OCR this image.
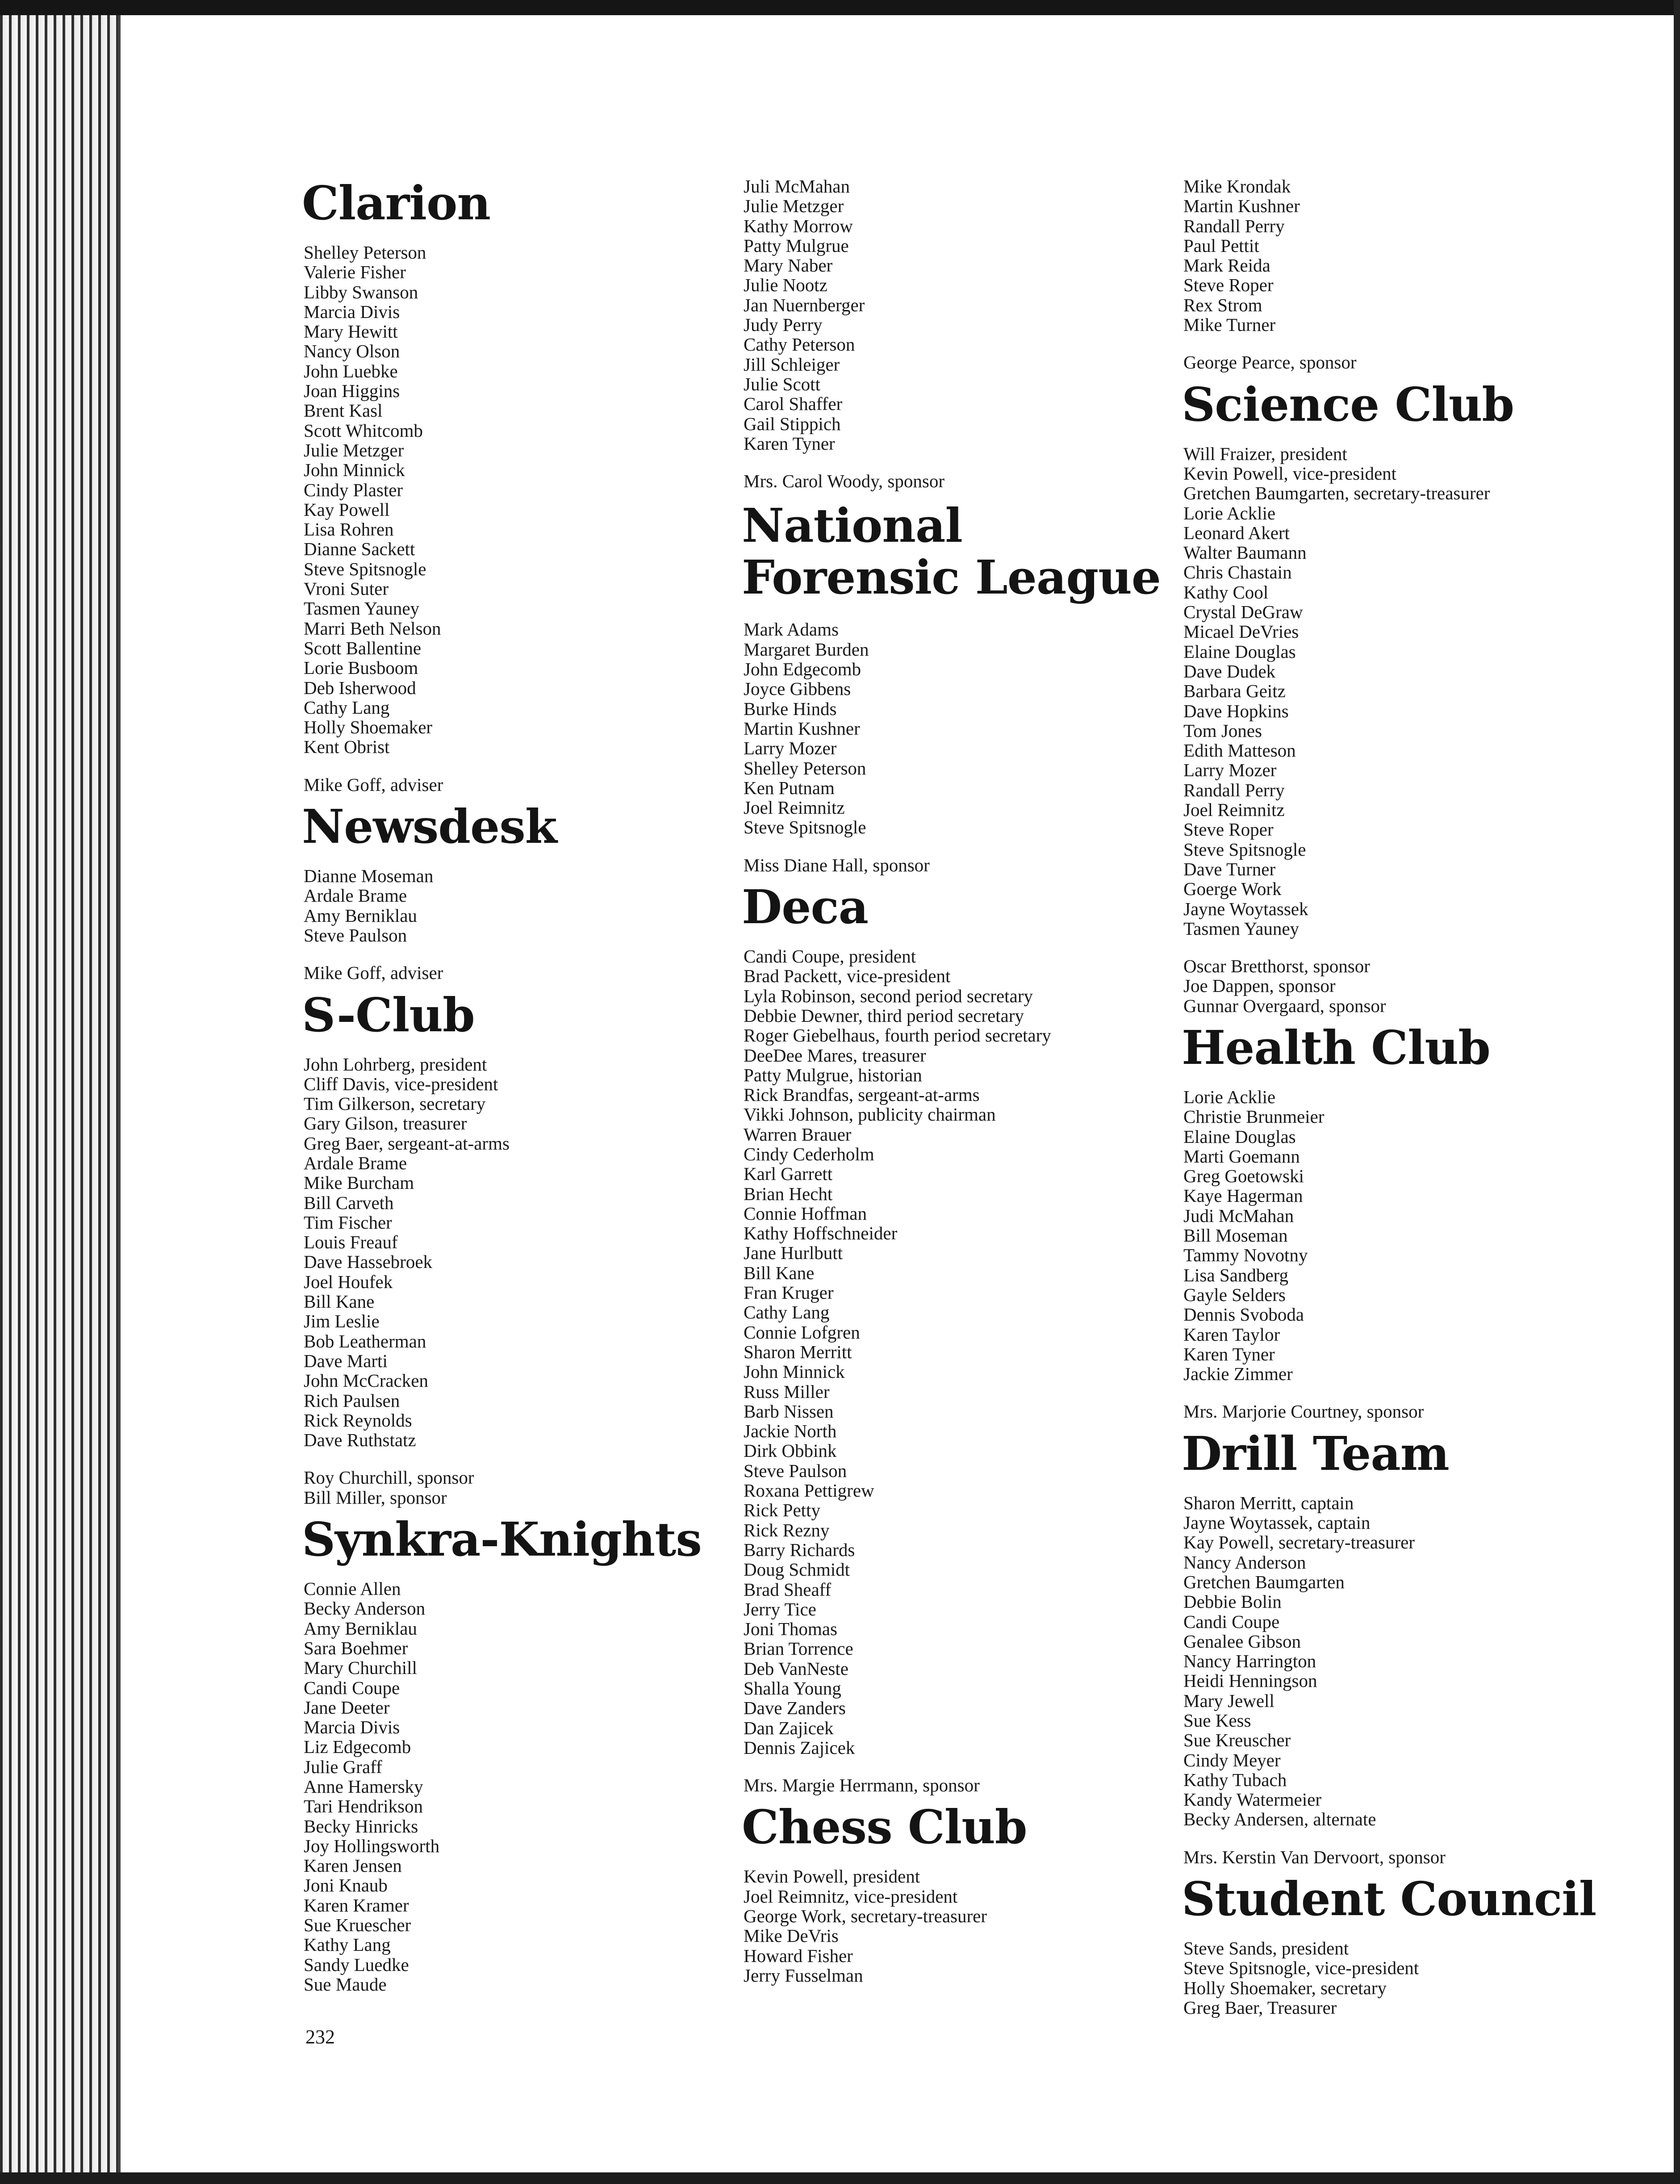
Clarion
Shelley Peterson
Valerie Fisher
Libby Swanson
Marcia Divis
Mary Hewitt
Nancy Olson
John Luebke
Joan Higgins
Brent Kasl
Scott Whitcomb
Julie Metzger
John Minnick
Cindy Plaster
Kay Powell
Lisa Rohren
Dianne Sackett
Steve Spitsnogle
Vroni Suter
Tasmen Yauney
Marri Beth Nelson
Scott Ballentine
Lorie Busboom
Deb Isherwood
Cathy Lang
Holly Shoemaker
Kent Obrist
Mike Goff, adviser
Newsdesk
Dianne Moseman
Ardale Brame
Amy Berniklau
Steve Paulson
Mike Goff, adviser
S-Club
John Lohrberg, president
Cliff Davis, vice-president
Tim Gilkerson, secretary
Gary Gilson, treasurer
Greg Baer, sergeant-at-arms
Ardale Brame
Mike Burcham
Bill Carveth
Tim Fischer
Louis Freauf
Dave Hassebroek
Joel Houfek
Bill Kane
Jim Leslie
Bob Leatherman
Dave Marti
John McCracken
Rich Paulsen
Rick Reynolds
Dave Ruthstatz
Roy Churchill, sponsor
Bill Miller, sponsor
Synkra-Knights
Connie Allen
Becky Anderson
Amy Berniklau
Sara Boehmer
Mary Churchill
Candi Coupe
Jane Deeter
Marcia Divis
Liz Edgecomb
Julie Graff
Anne Hamersky
Tari Hendrikson
Becky Hinricks
Joy Hollingsworth
Karen Jensen
Joni Knaub
Karen Kramer
Sue Kruescher
Kathy Lang
Sandy Luedke
Sue Maude
Juli McMahan
Julie Metzger
Kathy Morrow
Patty Mulgrue
Mary Naber
Julie Nootz
Jan Nuernberger
Judy Perry
Cathy Peterson
Jill Schleiger
Julie Scott
Carol Shaffer
Gail Stippich
Karen Tyner
Mrs. Carol Woody, sponsor
National Forensic League
Mark Adams
Margaret Burden
John Edgecomb
Joyce Gibbens
Burke Hinds
Martin Kushner
Larry Mozer
Shelley Peterson
Ken Putnam
Joel Reimnitz
Steve Spitsnogle
Miss Diane Hall, sponsor
Deca
Candi Coupe, president
Brad Packett, vice-president
Lyla Robinson, second period secretary
Debbie Dewner, third period secretary
Roger Giebelhaus, fourth period secretary
DeeDee Mares, treasurer
Patty Mulgrue, historian
Rick Brandfas, sergeant-at-arms
Vikki Johnson, publicity chairman
Warren Brauer
Cindy Cederholm
Karl Garrett
Brian Hecht
Connie Hoffman
Kathy Hoffschneider
Jane Hurlbutt
Bill Kane
Fran Kruger
Cathy Lang
Connie Lofgren
Sharon Merritt
John Minnick
Russ Miller
Barb Nissen
Jackie North
Dirk Obbink
Steve Paulson
Roxana Pettigrew
Rick Petty
Rick Rezny
Barry Richards
Doug Schmidt
Brad Sheaff
Jerry Tice
Joni Thomas
Brian Torrence
Deb VanNeste
Shalla Young
Dave Zanders
Dan Zajicek
Dennis Zajicek
Mrs. Margie Herrmann, sponsor
Chess Club
Kevin Powell, president
Joel Reimnitz, vice-president
George Work, secretary-treasurer
Mike DeVris
Howard Fisher
Jerry Fusselman
Mike Krondak
Martin Kushner
Randall Perry
Paul Pettit
Mark Reida
Steve Roper
Rex Strom
Mike Turner
George Pearce, sponsor
Science Club
Will Fraizer, president
Kevin Powell, vice-president
Gretchen Baumgarten, secretary-treasurer
Lorie Acklie
Leonard Akert
Walter Baumann
Chris Chastain
Kathy Cool
Crystal DeGraw
Micael DeVries
Elaine Douglas
Dave Dudek
Barbara Geitz
Dave Hopkins
Tom Jones
Edith Matteson
Larry Mozer
Randall Perry
Joel Reimnitz
Steve Roper
Steve Spitsnogle
Dave Turner
Goerge Work
Jayne Woytassek
Tasmen Yauney
Oscar Bretthorst, sponsor
Joe Dappen, sponsor
Gunnar Overgaard, sponsor
Health Club
Lorie Acklie
Christie Brunmeier
Elaine Douglas
Marti Goemann
Greg Goetowski
Kaye Hagerman
Judi McMahan
Bill Moseman
Tammy Novotny
Lisa Sandberg
Gayle Selders
Dennis Svoboda
Karen Taylor
Karen Tyner
Jackie Zimmer
Mrs. Marjorie Courtney, sponsor
Drill Team
Sharon Merritt, captain
Jayne Woytassek, captain
Kay Powell, secretary-treasurer
Nancy Anderson
Gretchen Baumgarten
Debbie Bolin
Candi Coupe
Genalee Gibson
Nancy Harrington
Heidi Henningson
Mary Jewell
Sue Kess
Sue Kreuscher
Cindy Meyer
Kathy Tubach
Kandy Watermeier
Becky Andersen, alternate
Mrs. Kerstin Van Dervoort, sponsor
Student Council
Steve Sands, president
Steve Spitsnogle, vice-president
Holly Shoemaker, secretary
Greg Baer, Treasurer
232
